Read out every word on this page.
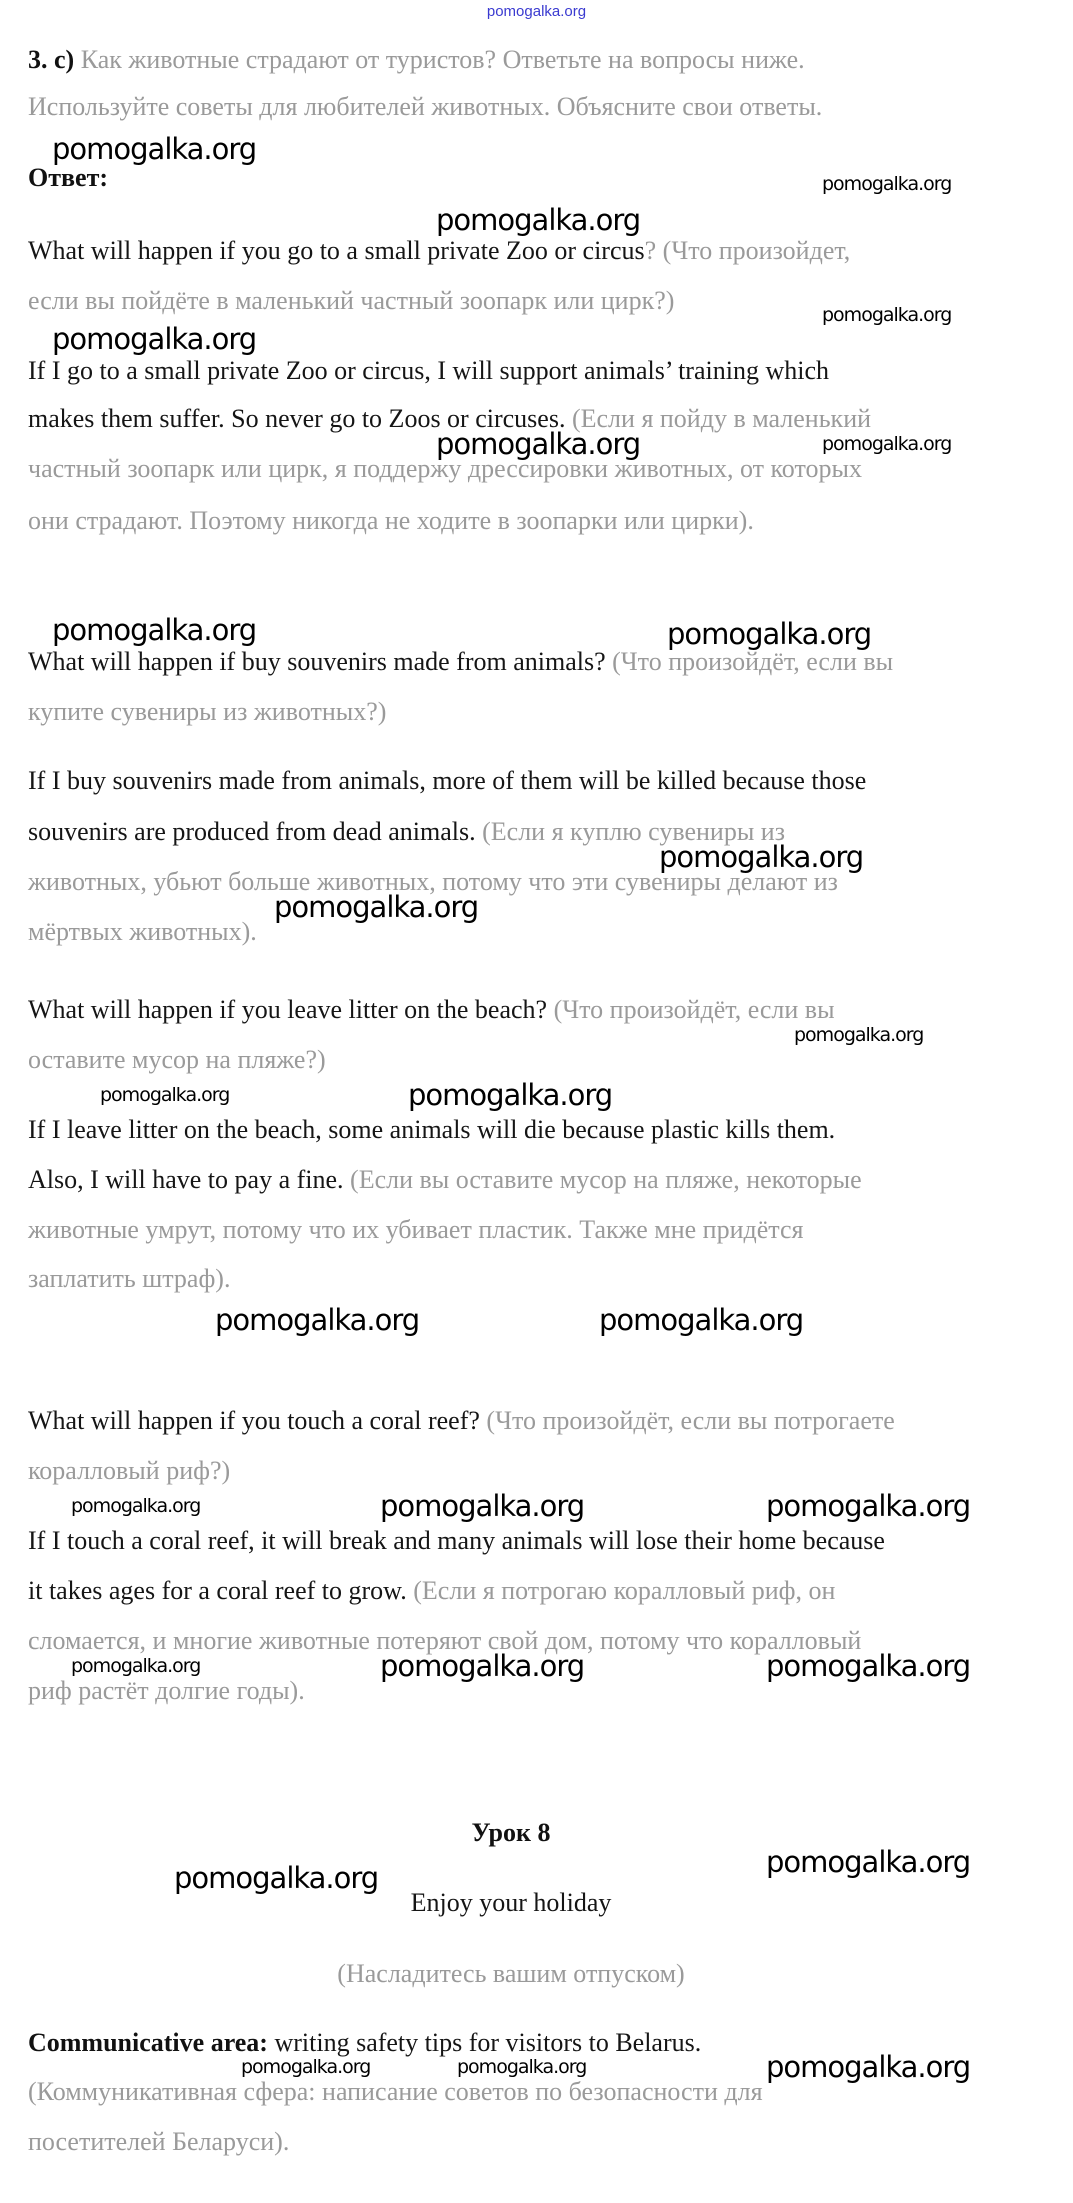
pomogalka.org
3. c) Как животные страдают от туристов? Ответьте на вопросы ниже.
Используйте советы для любителей животных. Объясните свои ответы.
Ответ:
What will happen if you go to a small private Zoo or circus? (Что произойдет,
если вы пойдёте в маленький частный зоопарк или цирк?)
If I go to a small private Zoo or circus, I will support animals’ training which
makes them suffer. So never go to Zoos or circuses. (Если я пойду в маленький
частный зоопарк или цирк, я поддержу дрессировки животных, от которых
они страдают. Поэтому никогда не ходите в зоопарки или цирки).
What will happen if buy souvenirs made from animals? (Что произойдёт, если вы
купите сувениры из животных?)
If I buy souvenirs made from animals, more of them will be killed because those
souvenirs are produced from dead animals. (Если я куплю сувениры из
животных, убьют больше животных, потому что эти сувениры делают из
мёртвых животных).
What will happen if you leave litter on the beach? (Что произойдёт, если вы
оставите мусор на пляже?)
If I leave litter on the beach, some animals will die because plastic kills them.
Also, I will have to pay a fine. (Если вы оставите мусор на пляже, некоторые
животные умрут, потому что их убивает пластик. Также мне придётся
заплатить штраф).
What will happen if you touch a coral reef? (Что произойдёт, если вы потрогаете
коралловый риф?)
If I touch a coral reef, it will break and many animals will lose their home because
it takes ages for a coral reef to grow. (Если я потрогаю коралловый риф, он
сломается, и многие животные потеряют свой дом, потому что коралловый
риф растёт долгие годы).
Урок 8
Enjoy your holiday
(Насладитесь вашим отпуском)
Communicative area: writing safety tips for visitors to Belarus.
(Коммуникативная сфера: написание советов по безопасности для
посетителей Беларуси).
pomogalka.org
pomogalka.org
pomogalka.org
pomogalka.org
pomogalka.org
pomogalka.org	pomogalka.org
pomogalka.org	pomogalka.org
pomogalka.org
pomogalka.org
pomogalka.org
pomogalka.org	pomogalka.org
pomogalka.org	pomogalka.org
pomogalka.org	pomogalka.org	pomogalka.org
pomogalka.org	pomogalka.org	pomogalka.org
pomogalka.org
pomogalka.org
pomogalka.org	pomogalka.org	pomogalka.org
